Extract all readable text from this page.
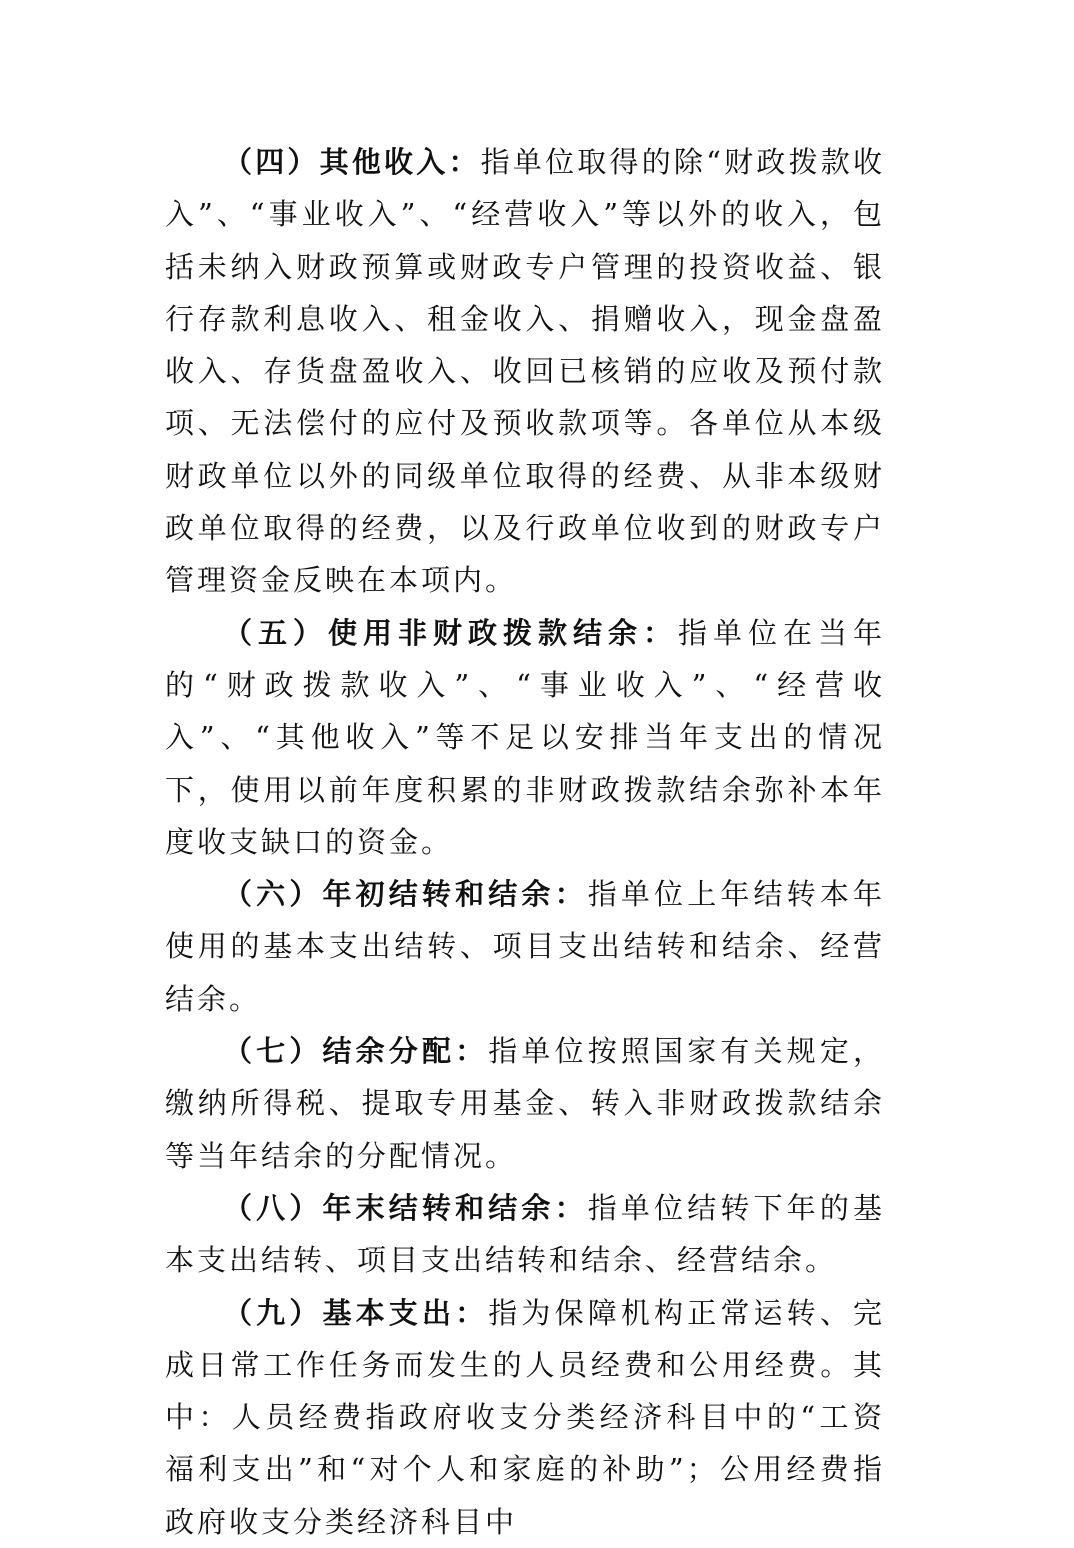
（四）其他收入：指单位取得的除“财政拨款收入”、“事业收入”、“经营收入”等以外的收入，包括未纳入财政预算或财政专户管理的投资收益、银行存款利息收入、租金收入、捐赠收入，现金盘盈收入、存货盘盈收入、收回已核销的应收及预付款项、无法偿付的应付及预收款项等。各单位从本级财政单位以外的同级单位取得的经费、从非本级财政单位取得的经费，以及行政单位收到的财政专户管理资金反映在本项内。

（五）使用非财政拨款结余：指单位在当年的“财政拨款收入”、“事业收入”、“经营收入”、“其他收入”等不足以安排当年支出的情况下，使用以前年度积累的非财政拨款结余弥补本年度收支缺口的资金。

（六）年初结转和结余：指单位上年结转本年使用的基本支出结转、项目支出结转和结余、经营结余。

（七）结余分配：指单位按照国家有关规定，缴纳所得税、提取专用基金、转入非财政拨款结余等当年结余的分配情况。

（八）年末结转和结余：指单位结转下年的基本支出结转、项目支出结转和结余、经营结余。

（九）基本支出：指为保障机构正常运转、完成日常工作任务而发生的人员经费和公用经费。其中：人员经费指政府收支分类经济科目中的“工资福利支出”和“对个人和家庭的补助”；公用经费指政府收支分类经济科目中
